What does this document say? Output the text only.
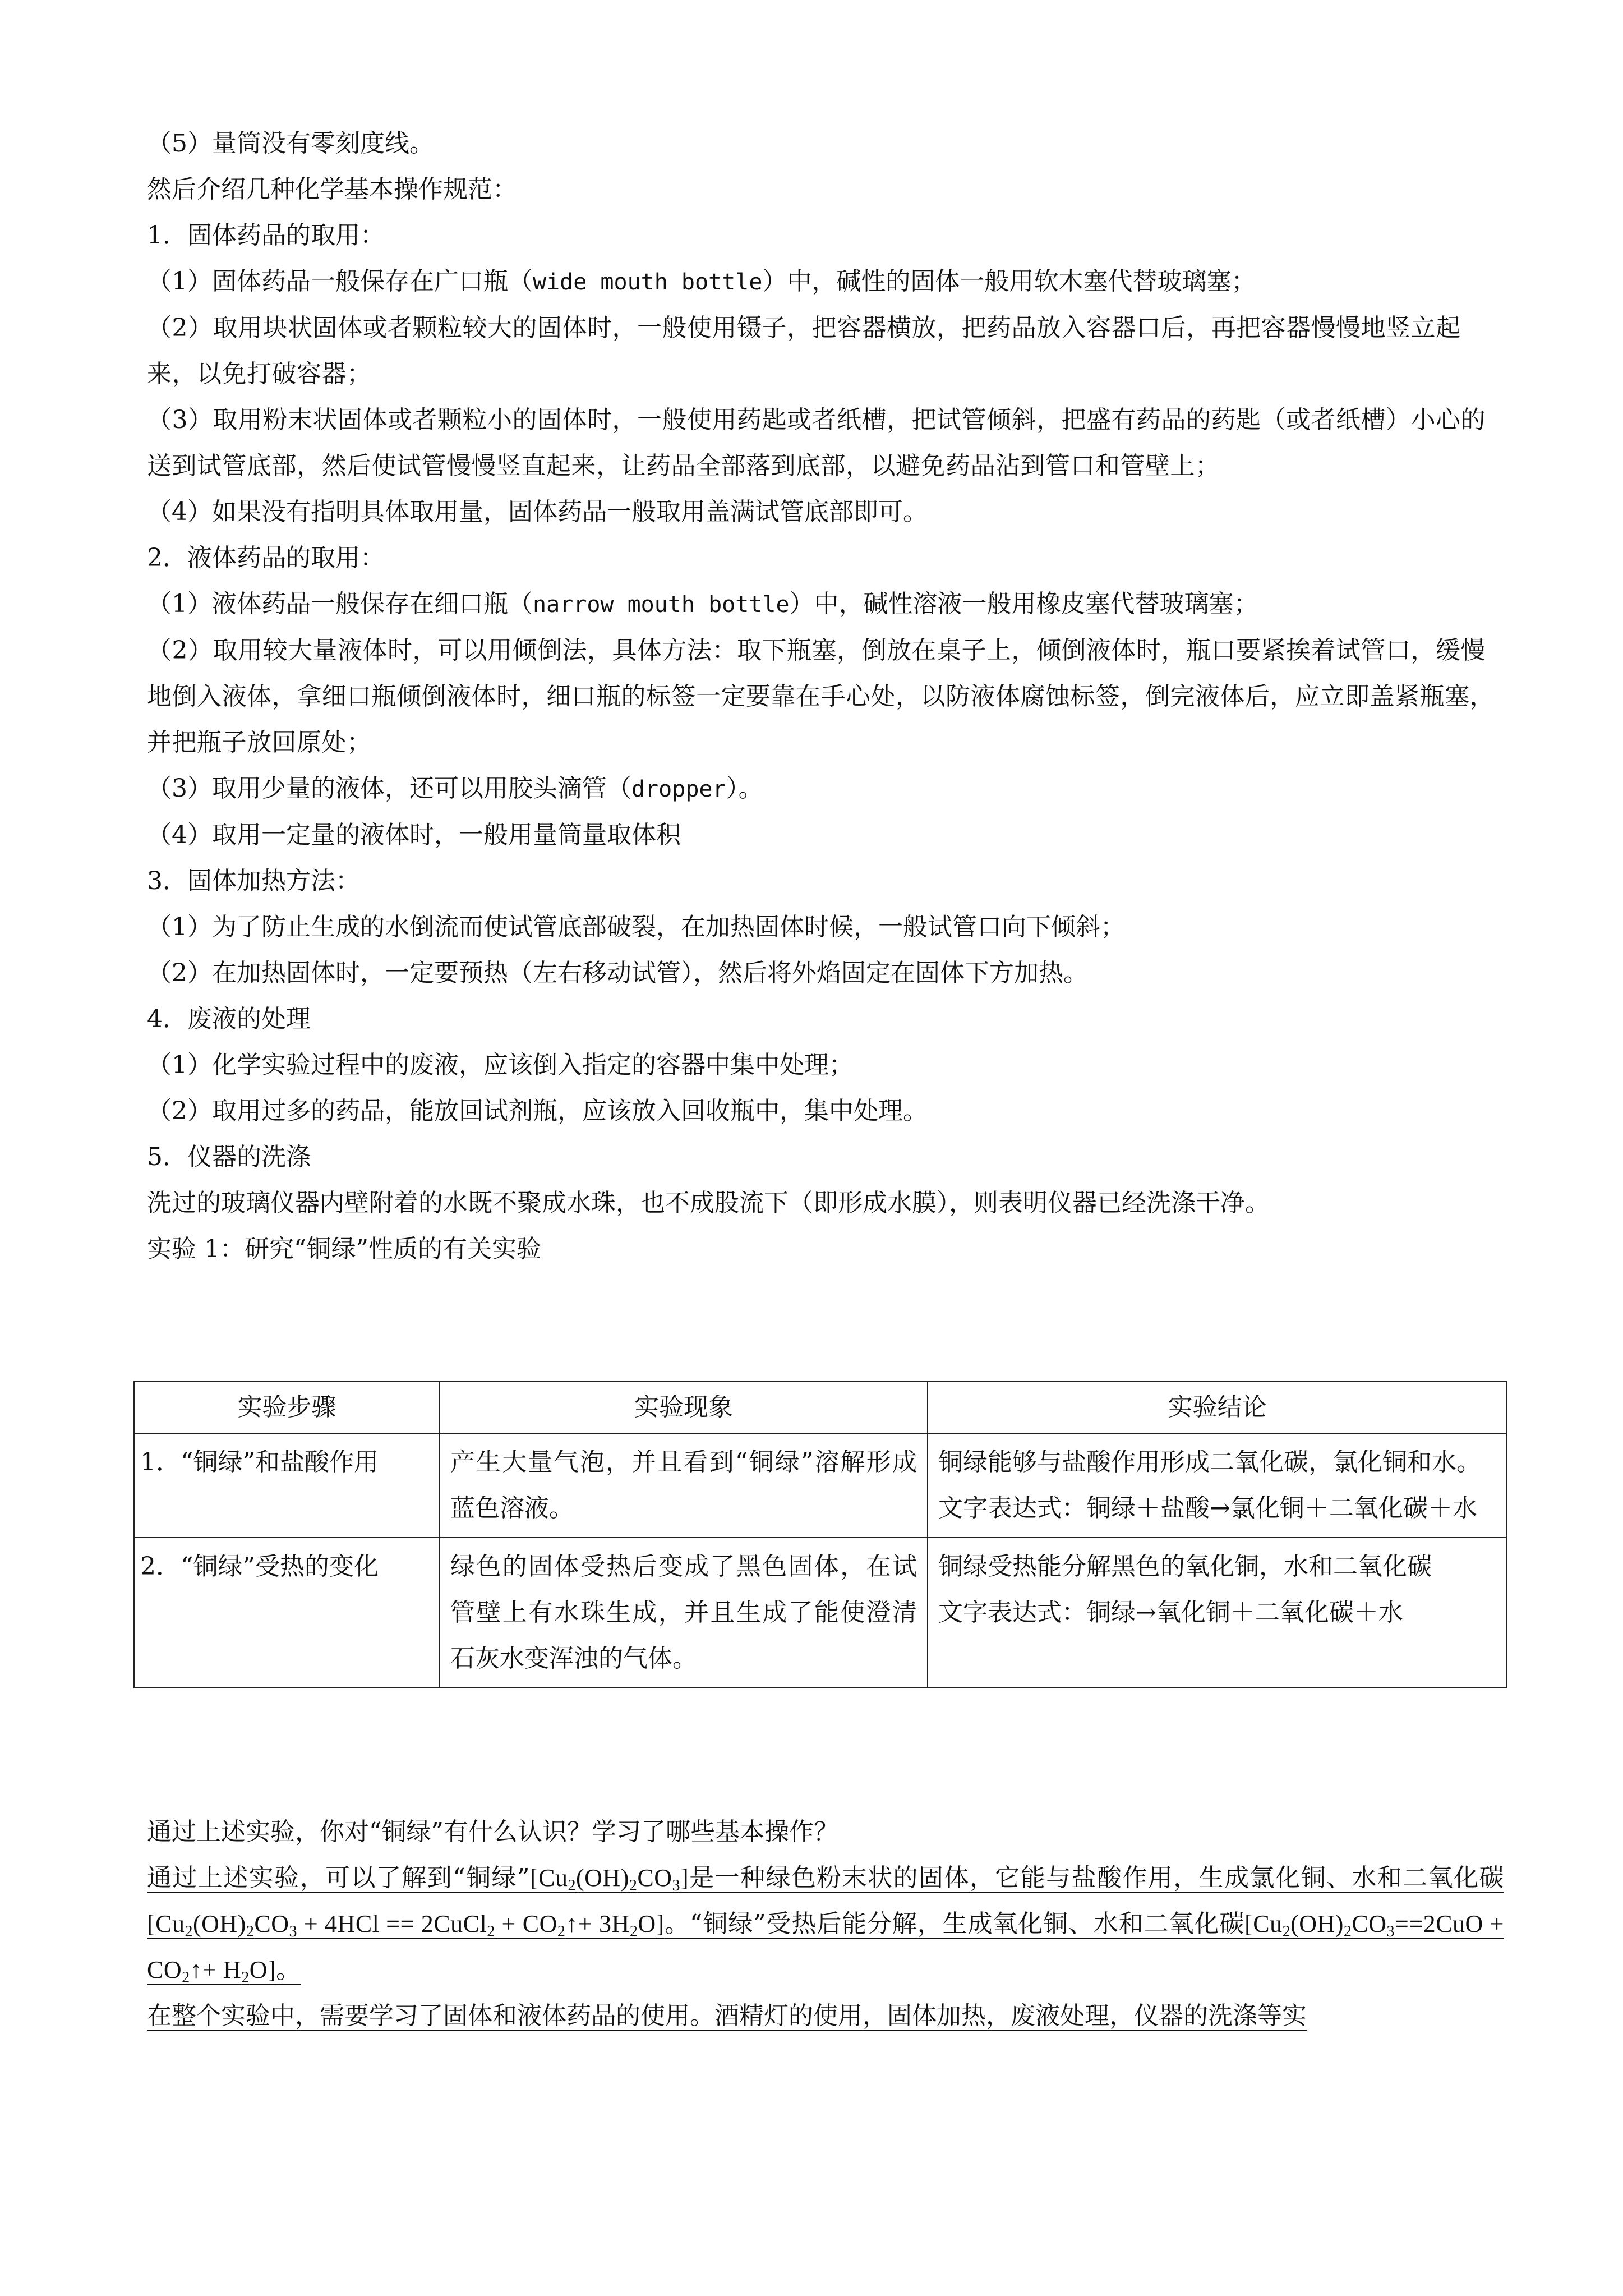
（5）量筒没有零刻度线。

然后介绍几种化学基本操作规范：

1．固体药品的取用：

（1）固体药品一般保存在广口瓶（wide mouth bottle）中，碱性的固体一般用软木塞代替玻璃塞；

（2）取用块状固体或者颗粒较大的固体时，一般使用镊子，把容器横放，把药品放入容器口后，再把容器慢慢地竖立起来，以免打破容器；

（3）取用粉末状固体或者颗粒小的固体时，一般使用药匙或者纸槽，把试管倾斜，把盛有药品的药匙（或者纸槽）小心的送到试管底部，然后使试管慢慢竖直起来，让药品全部落到底部，以避免药品沾到管口和管壁上；

（4）如果没有指明具体取用量，固体药品一般取用盖满试管底部即可。

2．液体药品的取用：

（1）液体药品一般保存在细口瓶（narrow mouth bottle）中，碱性溶液一般用橡皮塞代替玻璃塞；

（2）取用较大量液体时，可以用倾倒法，具体方法：取下瓶塞，倒放在桌子上，倾倒液体时，瓶口要紧挨着试管口，缓慢地倒入液体，拿细口瓶倾倒液体时，细口瓶的标签一定要靠在手心处，以防液体腐蚀标签，倒完液体后，应立即盖紧瓶塞，并把瓶子放回原处；

（3）取用少量的液体，还可以用胶头滴管（dropper）。

（4）取用一定量的液体时，一般用量筒量取体积

3．固体加热方法：

（1）为了防止生成的水倒流而使试管底部破裂，在加热固体时候，一般试管口向下倾斜；

（2）在加热固体时，一定要预热（左右移动试管），然后将外焰固定在固体下方加热。

4．废液的处理

（1）化学实验过程中的废液，应该倒入指定的容器中集中处理；

（2）取用过多的药品，能放回试剂瓶，应该放入回收瓶中，集中处理。

5．仪器的洗涤

洗过的玻璃仪器内壁附着的水既不聚成水珠，也不成股流下（即形成水膜），则表明仪器已经洗涤干净。

实验 1：研究“铜绿”性质的有关实验

实验步骤	实验现象	实验结论
1．“铜绿”和盐酸作用	产生大量气泡，并且看到“铜绿”溶解形成蓝色溶液。	铜绿能够与盐酸作用形成二氧化碳，氯化铜和水。
文字表达式：铜绿＋盐酸→氯化铜＋二氧化碳＋水

2．“铜绿”受热的变化	绿色的固体受热后变成了黑色固体，在试管壁上有水珠生成，并且生成了能使澄清石灰水变浑浊的气体。	铜绿受热能分解黑色的氧化铜，水和二氧化碳
文字表达式：铜绿→氧化铜＋二氧化碳＋水

通过上述实验，你对“铜绿”有什么认识？学习了哪些基本操作？

通过上述实验，可以了解到“铜绿$”[Cu_2(OH)_2CO_3]$是一种绿色粉末状的固体，它能与盐酸作用，生成氯化铜、水和二氧化碳[$Cu_2(OH)_2CO_3 + 4HCl$ == 2CuCl$_2$ + $CO_2↑+ 3H_2O$]。“铜绿”受热后能分解，生成氧化铜、水和二氧化碳[$Cu_2(OH)_2CO_3==2CuO$ + $CO_2↑+ H_2O$]。

在整个实验中，需要学习了固体和液体药品的使用。酒精灯的使用，固体加热，废液处理，仪器的洗涤等实
